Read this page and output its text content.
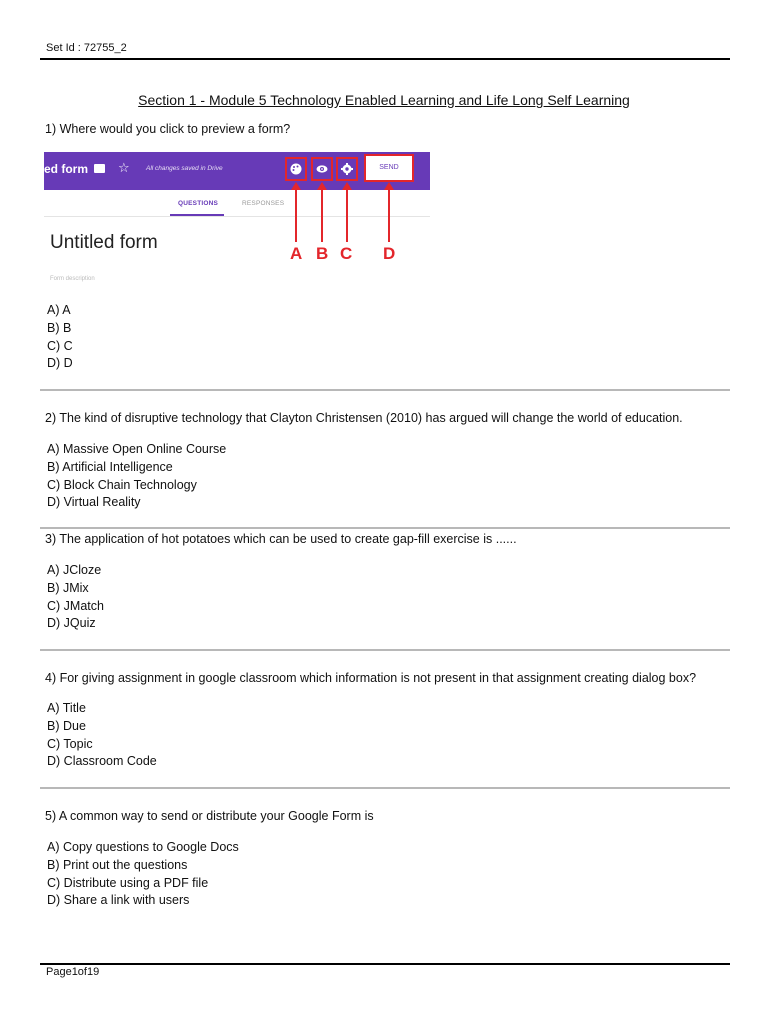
Set Id : 72755_2
Section 1 - Module 5 Technology Enabled Learning and Life Long Self Learning
1) Where would you click to preview a form?
ed form ☆	All changes saved in Drive	SEND
QUESTIONS	RESPONSES
Untitled form
Form description
A B C D
A) A
B) B
C) C
D) D
2) The kind of disruptive technology that Clayton Christensen (2010) has argued will change the world of education.
A) Massive Open Online Course
B) Artificial Intelligence
C) Block Chain Technology
D) Virtual Reality
3) The application of hot potatoes which can be used to create gap-fill exercise is ......
A) JCloze
B) JMix
C) JMatch
D) JQuiz
4) For giving assignment in google classroom which information is not present in that assignment creating dialog box?
A) Title
B) Due
C) Topic
D) Classroom Code
5) A common way to send or distribute your Google Form is
A) Copy questions to Google Docs
B) Print out the questions
C) Distribute using a PDF file
D) Share a link with users
Page1of19
